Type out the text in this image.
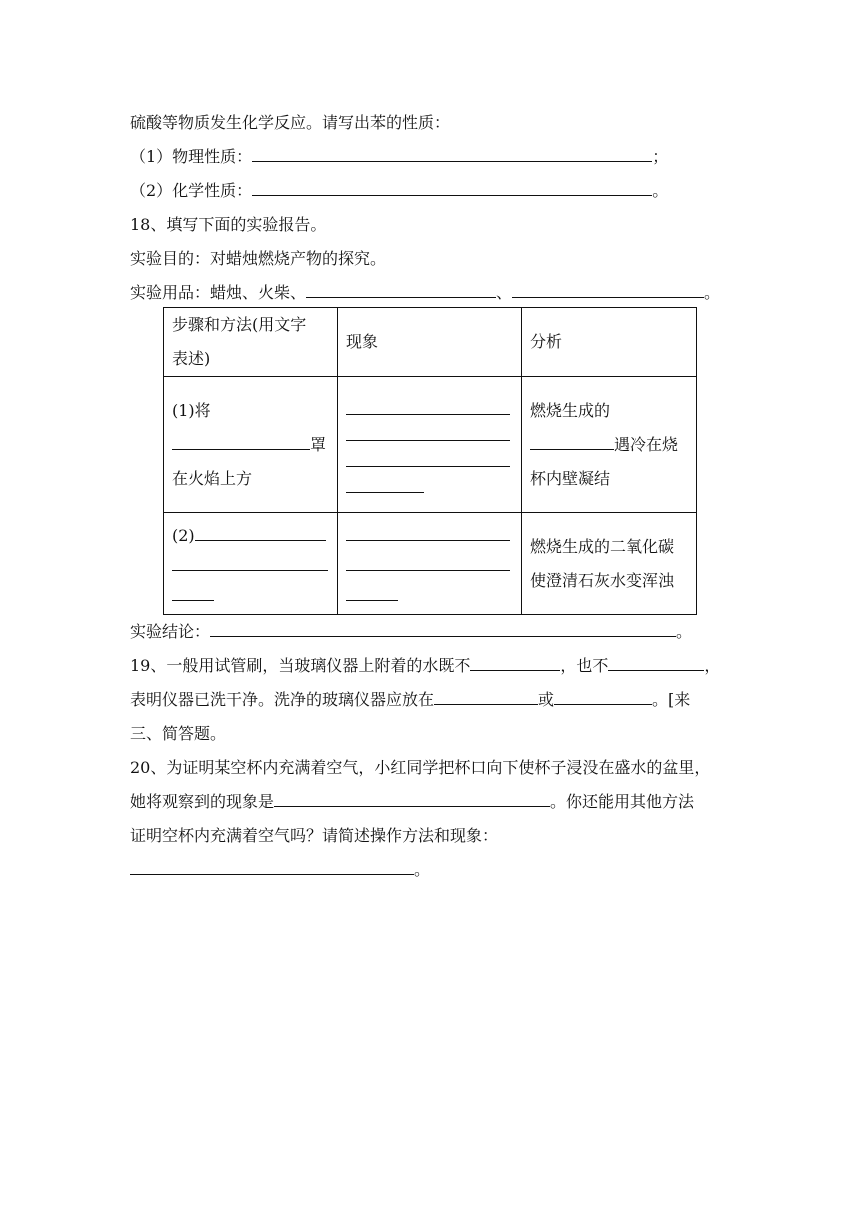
硫酸等物质发生化学反应。请写出苯的性质：
（1）物理性质：	；
（2）化学性质：	。
18、填写下面的实验报告。
实验目的：对蜡烛燃烧产物的探究。
实验用品：蜡烛、火柴、	、	。
步骤和方法(用文字
表述)	现象	分析

(1)将
罩
在火焰上方		燃烧生成的
遇冷在烧
杯内壁凝结

(2)		燃烧生成的二氧化碳
使澄清石灰水变浑浊
实验结论：	。
19、一般用试管刷，当玻璃仪器上附着的水既不	，也不	，
表明仪器已洗干净。洗净的玻璃仪器应放在	或	。[来
三、简答题。
20、为证明某空杯内充满着空气，小红同学把杯口向下使杯子浸没在盛水的盆里，
她将观察到的现象是	。你还能用其他方法
证明空杯内充满着空气吗？请简述操作方法和现象：
。
